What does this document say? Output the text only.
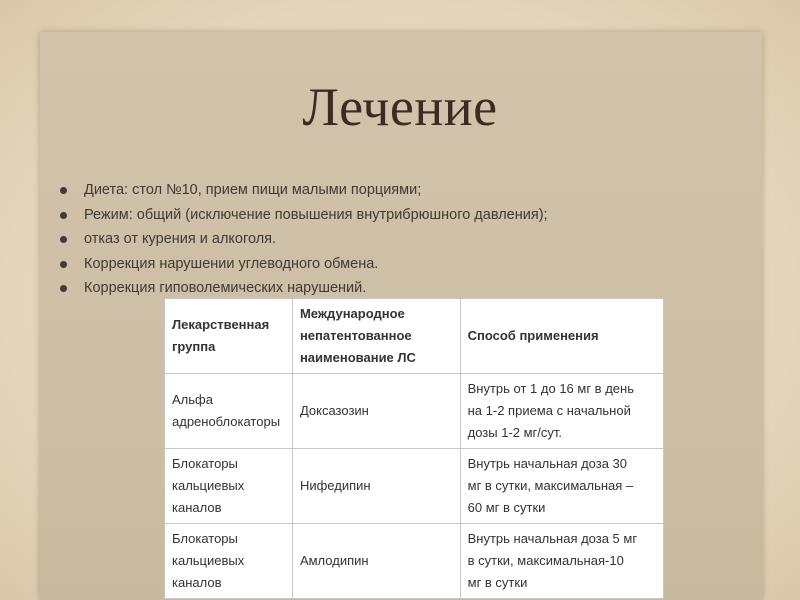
Лечение
Диета: стол №10, прием пищи малыми порциями;
Режим: общий (исключение повышения внутрибрюшного давления);
отказ от курения и алкоголя.
Коррекция нарушении углеводного обмена.
Коррекция гиповолемических нарушений.
Лекарственная
группа	Международное
непатентованное
наименование ЛС	Способ применения

Альфа
адреноблокаторы	Доксазозин	Внутрь от 1 до 16 мг в день
на 1-2 приема с начальной
дозы 1-2 мг/сут.

Блокаторы
кальциевых
каналов	Нифедипин	Внутрь начальная доза 30
мг в сутки, максимальная –
60 мг в сутки

Блокаторы
кальциевых
каналов	Амлодипин	Внутрь начальная доза 5 мг
в сутки, максимальная-10
мг в сутки
